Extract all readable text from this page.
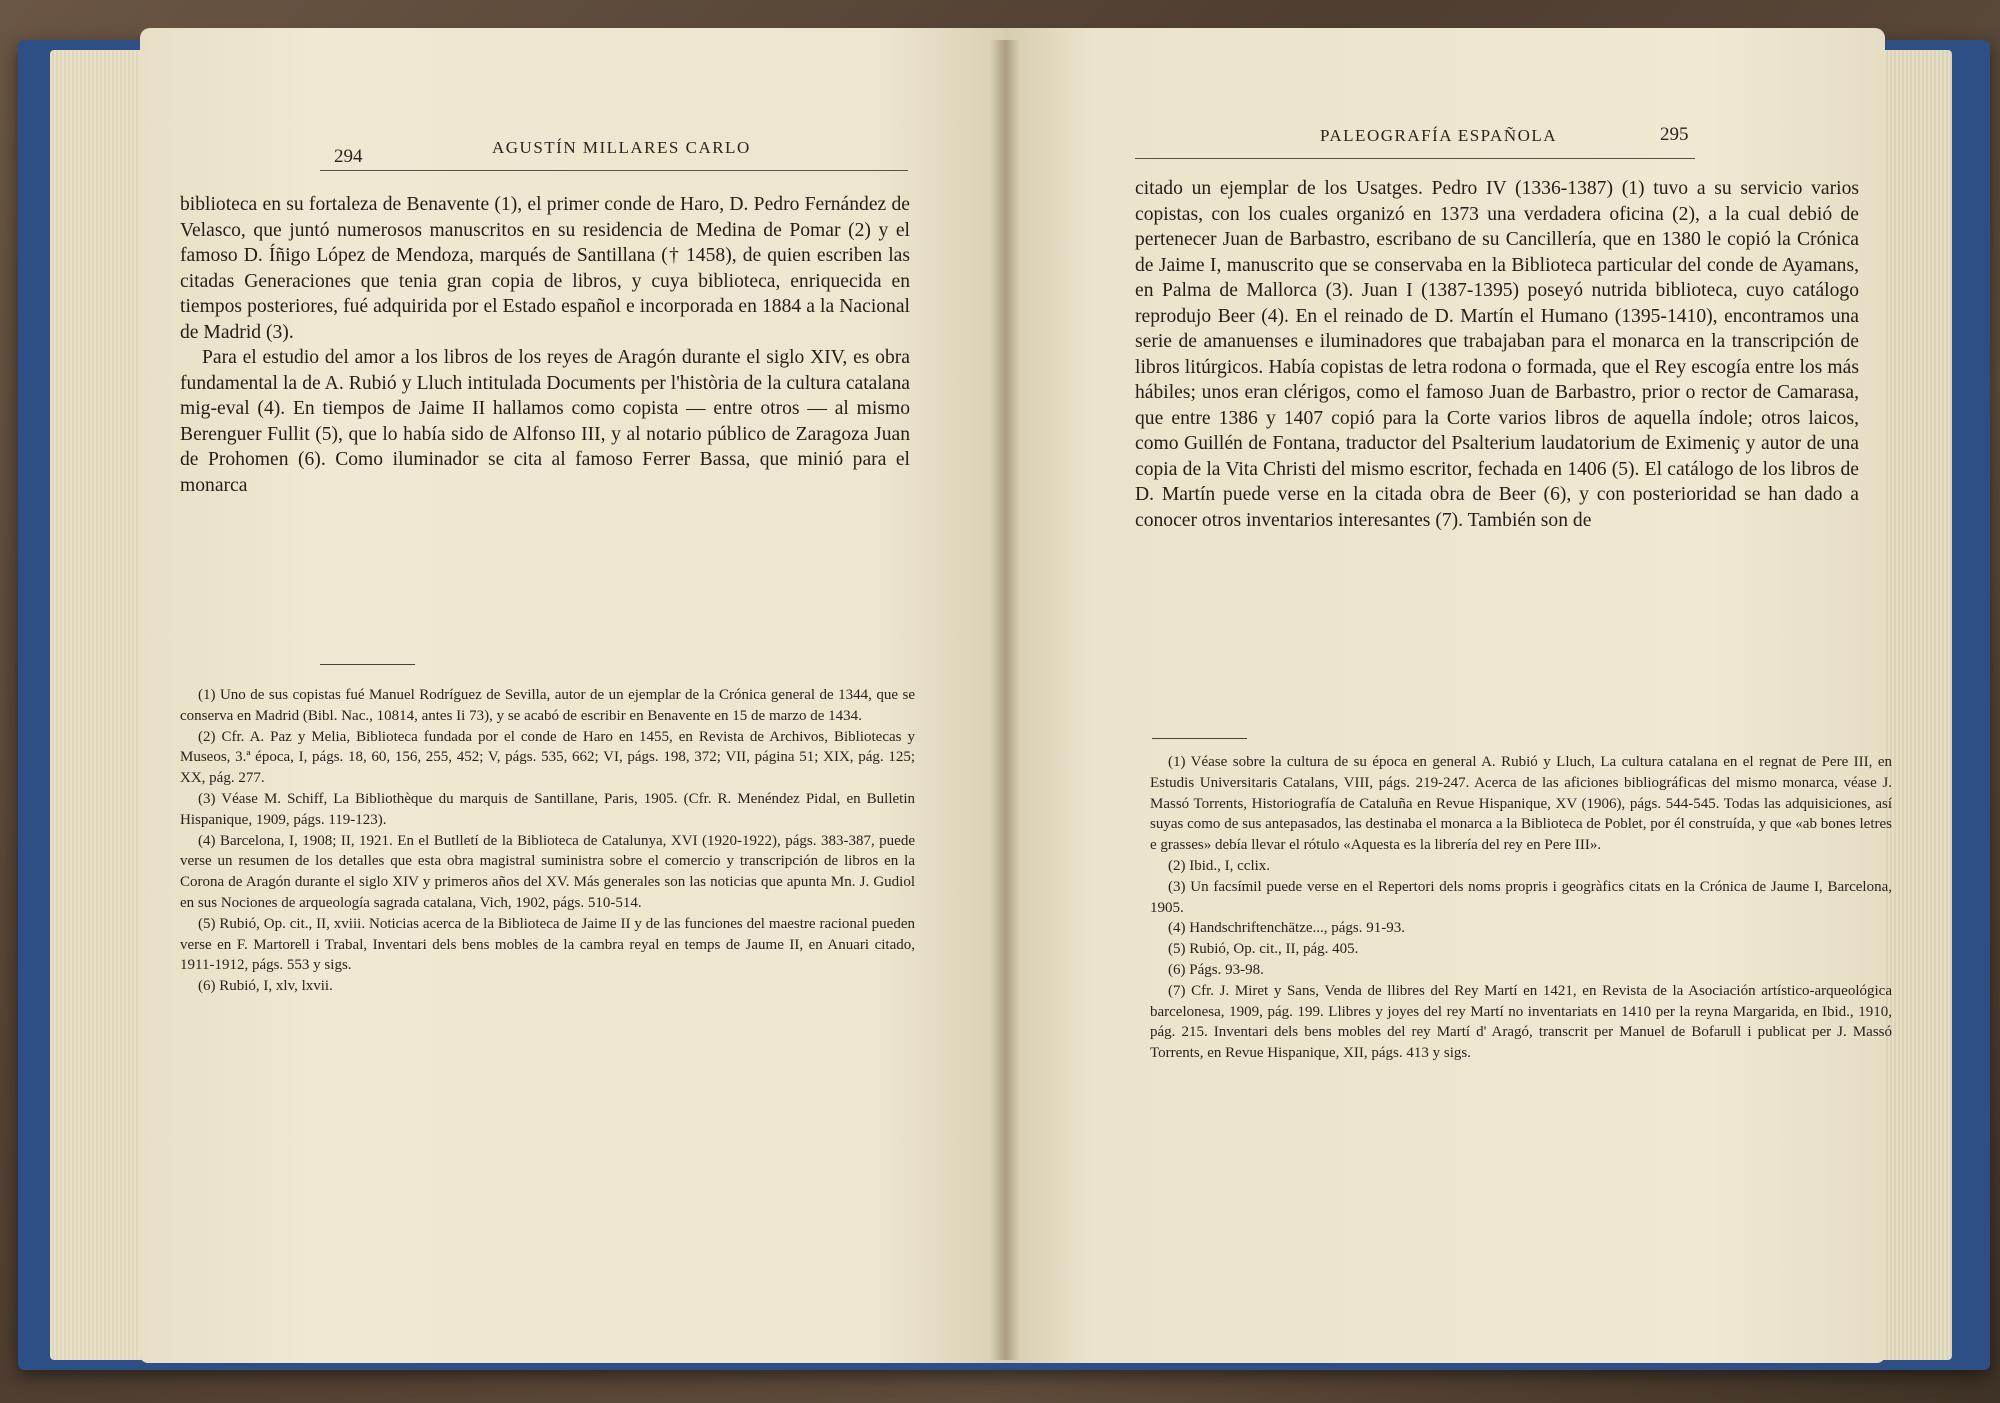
294	AGUSTÍN MILLARES CARLO

biblioteca en su fortaleza de Benavente (1), el primer conde de Haro, D. Pedro Fernández de Velasco, que juntó numerosos manuscritos en su residencia de Medina de Pomar (2) y el famoso D. Íñigo López de Mendoza, marqués de Santillana († 1458), de quien escriben las citadas Generaciones que tenia gran copia de libros, y cuya biblioteca, enriquecida en tiempos posteriores, fué adquirida por el Estado español e incorporada en 1884 a la Nacional de Madrid (3).

Para el estudio del amor a los libros de los reyes de Aragón durante el siglo XIV, es obra fundamental la de A. Rubió y Lluch intitulada Documents per l'història de la cultura catalana mig-eval (4). En tiempos de Jaime II hallamos como copista — entre otros — al mismo Berenguer Fullit (5), que lo había sido de Alfonso III, y al notario público de Zaragoza Juan de Prohomen (6). Como iluminador se cita al famoso Ferrer Bassa, que minió para el monarca

(1) Uno de sus copistas fué Manuel Rodríguez de Sevilla, autor de un ejemplar de la Crónica general de 1344, que se conserva en Madrid (Bibl. Nac., 10814, antes Ii 73), y se acabó de escribir en Benavente en 15 de marzo de 1434.

(2) Cfr. A. Paz y Melia, Biblioteca fundada por el conde de Haro en 1455, en Revista de Archivos, Bibliotecas y Museos, 3.ª época, I, págs. 18, 60, 156, 255, 452; V, págs. 535, 662; VI, págs. 198, 372; VII, página 51; XIX, pág. 125; XX, pág. 277.

(3) Véase M. Schiff, La Bibliothèque du marquis de Santillane, Paris, 1905. (Cfr. R. Menéndez Pidal, en Bulletin Hispanique, 1909, págs. 119-123).

(4) Barcelona, I, 1908; II, 1921. En el Butlletí de la Biblioteca de Catalunya, XVI (1920-1922), págs. 383-387, puede verse un resumen de los detalles que esta obra magistral suministra sobre el comercio y transcripción de libros en la Corona de Aragón durante el siglo XIV y primeros años del XV. Más generales son las noticias que apunta Mn. J. Gudiol en sus Nociones de arqueología sagrada catalana, Vich, 1902, págs. 510-514.

(5) Rubió, Op. cit., II, xviii. Noticias acerca de la Biblioteca de Jaime II y de las funciones del maestre racional pueden verse en F. Martorell i Trabal, Inventari dels bens mobles de la cambra reyal en temps de Jaume II, en Anuari citado, 1911-1912, págs. 553 y sigs.

(6) Rubió, I, xlv, lxvii.

PALEOGRAFÍA ESPAÑOLA	295

citado un ejemplar de los Usatges. Pedro IV (1336-1387) (1) tuvo a su servicio varios copistas, con los cuales organizó en 1373 una verdadera oficina (2), a la cual debió de pertenecer Juan de Barbastro, escribano de su Cancillería, que en 1380 le copió la Crónica de Jaime I, manuscrito que se conservaba en la Biblioteca particular del conde de Ayamans, en Palma de Mallorca (3). Juan I (1387-1395) poseyó nutrida biblioteca, cuyo catálogo reprodujo Beer (4). En el reinado de D. Martín el Humano (1395-1410), encontramos una serie de amanuenses e iluminadores que trabajaban para el monarca en la transcripción de libros litúrgicos. Había copistas de letra rodona o formada, que el Rey escogía entre los más hábiles; unos eran clérigos, como el famoso Juan de Barbastro, prior o rector de Camarasa, que entre 1386 y 1407 copió para la Corte varios libros de aquella índole; otros laicos, como Guillén de Fontana, traductor del Psalterium laudatorium de Eximeniç y autor de una copia de la Vita Christi del mismo escritor, fechada en 1406 (5). El catálogo de los libros de D. Martín puede verse en la citada obra de Beer (6), y con posterioridad se han dado a conocer otros inventarios interesantes (7). También son de

(1) Véase sobre la cultura de su época en general A. Rubió y Lluch, La cultura catalana en el regnat de Pere III, en Estudis Universitaris Catalans, VIII, págs. 219-247. Acerca de las aficiones bibliográficas del mismo monarca, véase J. Massó Torrents, Historiografía de Cataluña en Revue Hispanique, XV (1906), págs. 544-545. Todas las adquisiciones, así suyas como de sus antepasados, las destinaba el monarca a la Biblioteca de Poblet, por él construída, y que «ab bones letres e grasses» debía llevar el rótulo «Aquesta es la librería del rey en Pere III».

(2) Ibid., I, ccliх.

(3) Un facsímil puede verse en el Repertori dels noms propris i geogràfics citats en la Crónica de Jaume I, Barcelona, 1905.

(4) Handschriftenchätze..., págs. 91-93.

(5) Rubió, Op. cit., II, pág. 405.

(6) Págs. 93-98.

(7) Cfr. J. Miret y Sans, Venda de llibres del Rey Martí en 1421, en Revista de la Asociación artístico-arqueológica barcelonesa, 1909, pág. 199. Llibres y joyes del rey Martí no inventariats en 1410 per la reyna Margarida, en Ibid., 1910, pág. 215. Inventari dels bens mobles del rey Martí d' Aragó, transcrit per Manuel de Bofarull i publicat per J. Massó Torrents, en Revue Hispanique, XII, págs. 413 y sigs.
